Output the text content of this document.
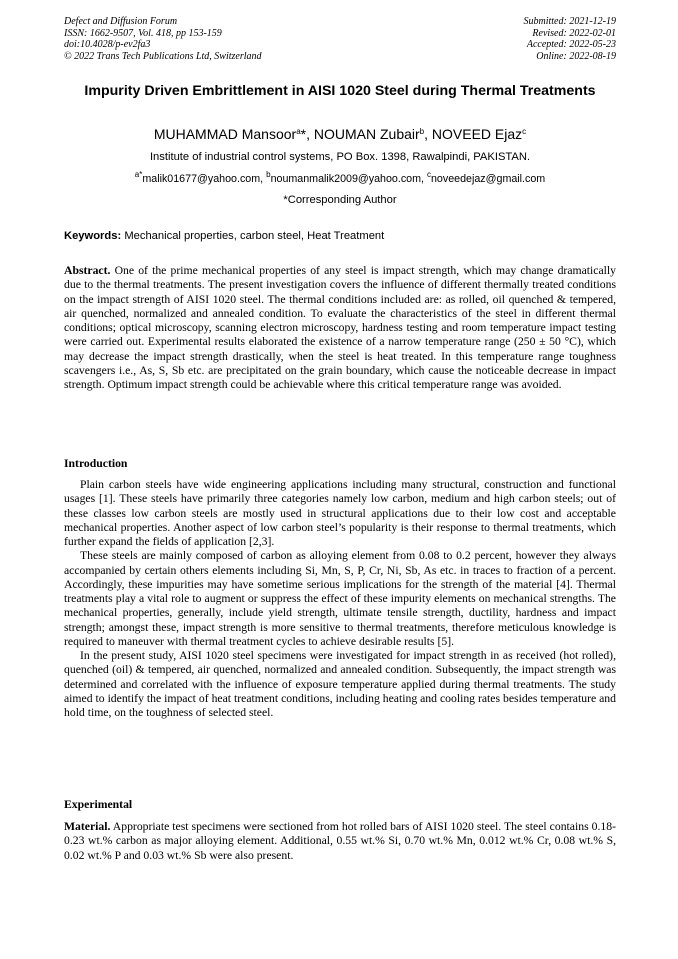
Defect and Diffusion Forum
ISSN: 1662-9507, Vol. 418, pp 153-159
doi:10.4028/p-ev2fa3
© 2022 Trans Tech Publications Ltd, Switzerland
Submitted: 2021-12-19
Revised: 2022-02-01
Accepted: 2022-05-23
Online: 2022-08-19
Impurity Driven Embrittlement in AISI 1020 Steel during Thermal Treatments
MUHAMMAD Mansoor$^a$*, NOUMAN Zubair$^b$, NOVEED Ejaz$^c$
Institute of industrial control systems, PO Box. 1398, Rawalpindi, PAKISTAN.
$^{a*}$malik01677@yahoo.com, $^b$noumanmalik2009@yahoo.com, $^c$noveedejaz@gmail.com
*Corresponding Author
Keywords: Mechanical properties, carbon steel, Heat Treatment

Abstract. One of the prime mechanical properties of any steel is impact strength, which may change dramatically due to the thermal treatments. The present investigation covers the influence of different thermally treated conditions on the impact strength of AISI 1020 steel. The thermal conditions included are: as rolled, oil quenched & tempered, air quenched, normalized and annealed condition. To evaluate the characteristics of the steel in different thermal conditions; optical microscopy, scanning electron microscopy, hardness testing and room temperature impact testing were carried out. Experimental results elaborated the existence of a narrow temperature range (250 ± 50 °C), which may decrease the impact strength drastically, when the steel is heat treated. In this temperature range toughness scavengers i.e., As, S, Sb etc. are precipitated on the grain boundary, which cause the noticeable decrease in impact strength. Optimum impact strength could be achievable where this critical temperature range was avoided.

Introduction

Plain carbon steels have wide engineering applications including many structural, construction and functional usages [1]. These steels have primarily three categories namely low carbon, medium and high carbon steels; out of these classes low carbon steels are mostly used in structural applications due to their low cost and acceptable mechanical properties. Another aspect of low carbon steel’s popularity is their response to thermal treatments, which further expand the fields of application [2,3].

These steels are mainly composed of carbon as alloying element from 0.08 to 0.2 percent, however they always accompanied by certain others elements including Si, Mn, S, P, Cr, Ni, Sb, As etc. in traces to fraction of a percent. Accordingly, these impurities may have sometime serious implications for the strength of the material [4]. Thermal treatments play a vital role to augment or suppress the effect of these impurity elements on mechanical strengths. The mechanical properties, generally, include yield strength, ultimate tensile strength, ductility, hardness and impact strength; amongst these, impact strength is more sensitive to thermal treatments, therefore meticulous knowledge is required to maneuver with thermal treatment cycles to achieve desirable results [5].

In the present study, AISI 1020 steel specimens were investigated for impact strength in as received (hot rolled), quenched (oil) & tempered, air quenched, normalized and annealed condition. Subsequently, the impact strength was determined and correlated with the influence of exposure temperature applied during thermal treatments. The study aimed to identify the impact of heat treatment conditions, including heating and cooling rates besides temperature and hold time, on the toughness of selected steel.

Experimental

Material. Appropriate test specimens were sectioned from hot rolled bars of AISI 1020 steel. The steel contains 0.18-0.23 wt.% carbon as major alloying element. Additional, 0.55 wt.% Si, 0.70 wt.% Mn, 0.012 wt.% Cr, 0.08 wt.% S, 0.02 wt.% P and 0.03 wt.% Sb were also present.
